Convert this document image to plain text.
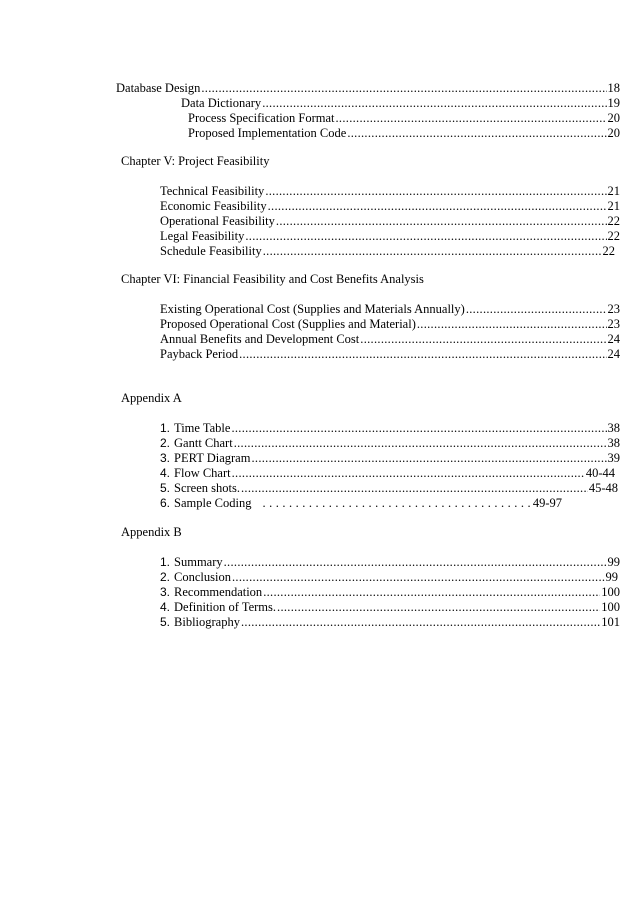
Database Design .....	18
Data Dictionary .....	19
Process Specification Format .....	20
Proposed Implementation Code .....	20
Chapter V: Project Feasibility
Technical Feasibility .....	21
Economic Feasibility .....	21
Operational Feasibility .....	22
Legal Feasibility .....	22
Schedule Feasibility .....	22
Chapter VI: Financial Feasibility and Cost Benefits Analysis
Existing Operational Cost (Supplies and Materials Annually) .....	23
Proposed Operational Cost (Supplies and Material) .....	23
Annual Benefits and Development Cost .....	24
Payback Period .....	24
Appendix A
1. Time Table .....	38
2. Gantt Chart .....	38
3. PERT Diagram .....	39
4. Flow Chart .....	40-44
5. Screen shots. .....	45-48
6. Sample Coding .....	49-97
Appendix B
1. Summary .....	99
2. Conclusion .....	99
3. Recommendation .....	100
4. Definition of Terms. .....	100
5. Bibliography .....	101
